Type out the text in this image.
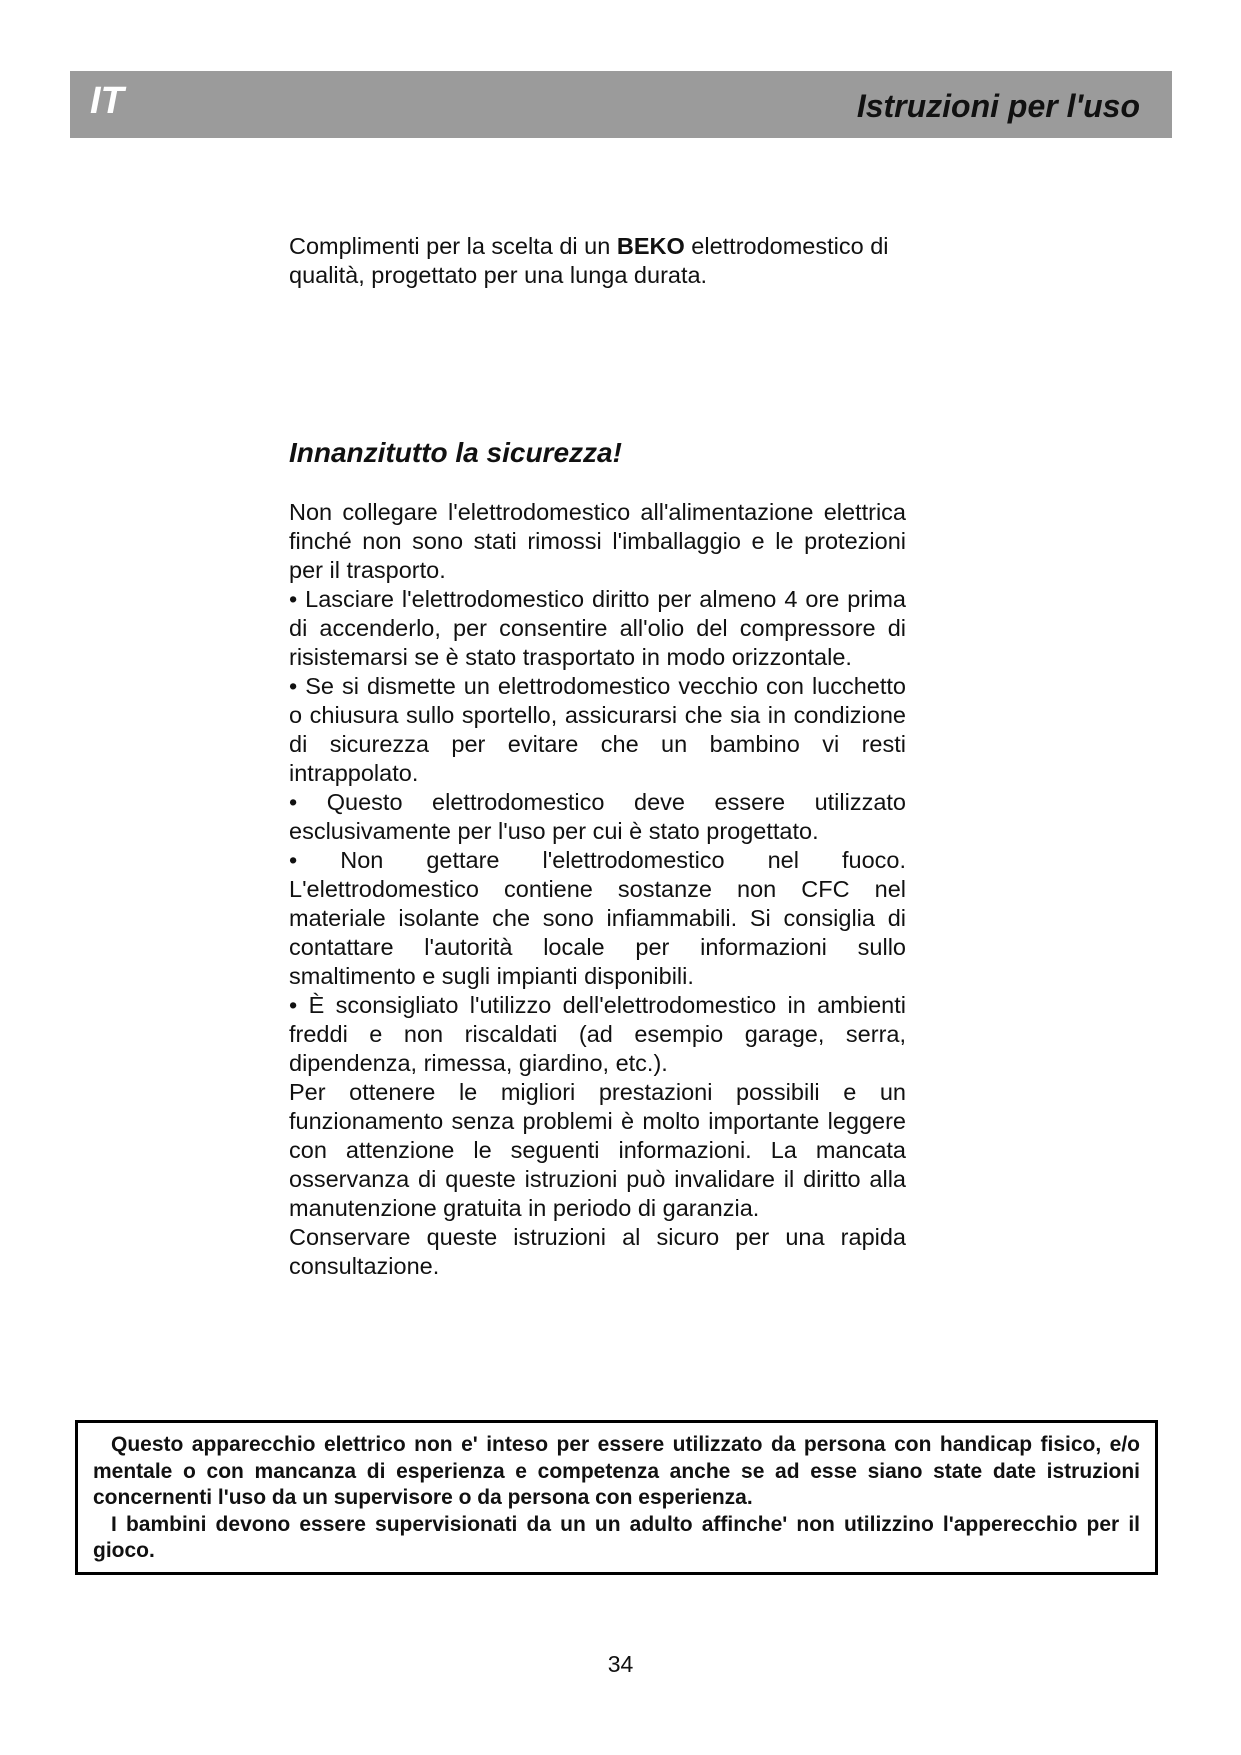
IT	Istruzioni per l'uso

Complimenti per la scelta di un BEKO elettrodomestico di qualità, progettato per una lunga durata.

Innanzitutto la sicurezza!

Non collegare l'elettrodomestico all'alimentazione elettrica finché non sono stati rimossi l'imballaggio e le protezioni per il trasporto.

• Lasciare l'elettrodomestico diritto per almeno 4 ore prima di accenderlo, per consentire all'olio del compressore di risistemarsi se è stato trasportato in modo orizzontale.

• Se si dismette un elettrodomestico vecchio con lucchetto o chiusura sullo sportello, assicurarsi che sia in condizione di sicurezza per evitare che un bambino vi resti intrappolato.

• Questo elettrodomestico deve essere utilizzato esclusivamente per l'uso per cui è stato progettato.

• Non gettare l'elettrodomestico nel fuoco. L'elettrodomestico contiene sostanze non CFC nel materiale isolante che sono infiammabili. Si consiglia di contattare l'autorità locale per informazioni sullo smaltimento e sugli impianti disponibili.

• È sconsigliato l'utilizzo dell'elettrodomestico in ambienti freddi e non riscaldati (ad esempio garage, serra, dipendenza, rimessa, giardino, etc.).

Per ottenere le migliori prestazioni possibili e un funzionamento senza problemi è molto importante leggere con attenzione le seguenti informazioni. La mancata osservanza di queste istruzioni può invalidare il diritto alla manutenzione gratuita in periodo di garanzia.

Conservare queste istruzioni al sicuro per una rapida consultazione.

Questo apparecchio elettrico non e' inteso per essere utilizzato da persona con handicap fisico, e/o mentale o con mancanza di esperienza e competenza anche se ad esse siano state date istruzioni concernenti l'uso da un supervisore o da persona con esperienza.

I bambini devono essere supervisionati da un un adulto affinche' non utilizzino l'apperecchio per il gioco.

34
